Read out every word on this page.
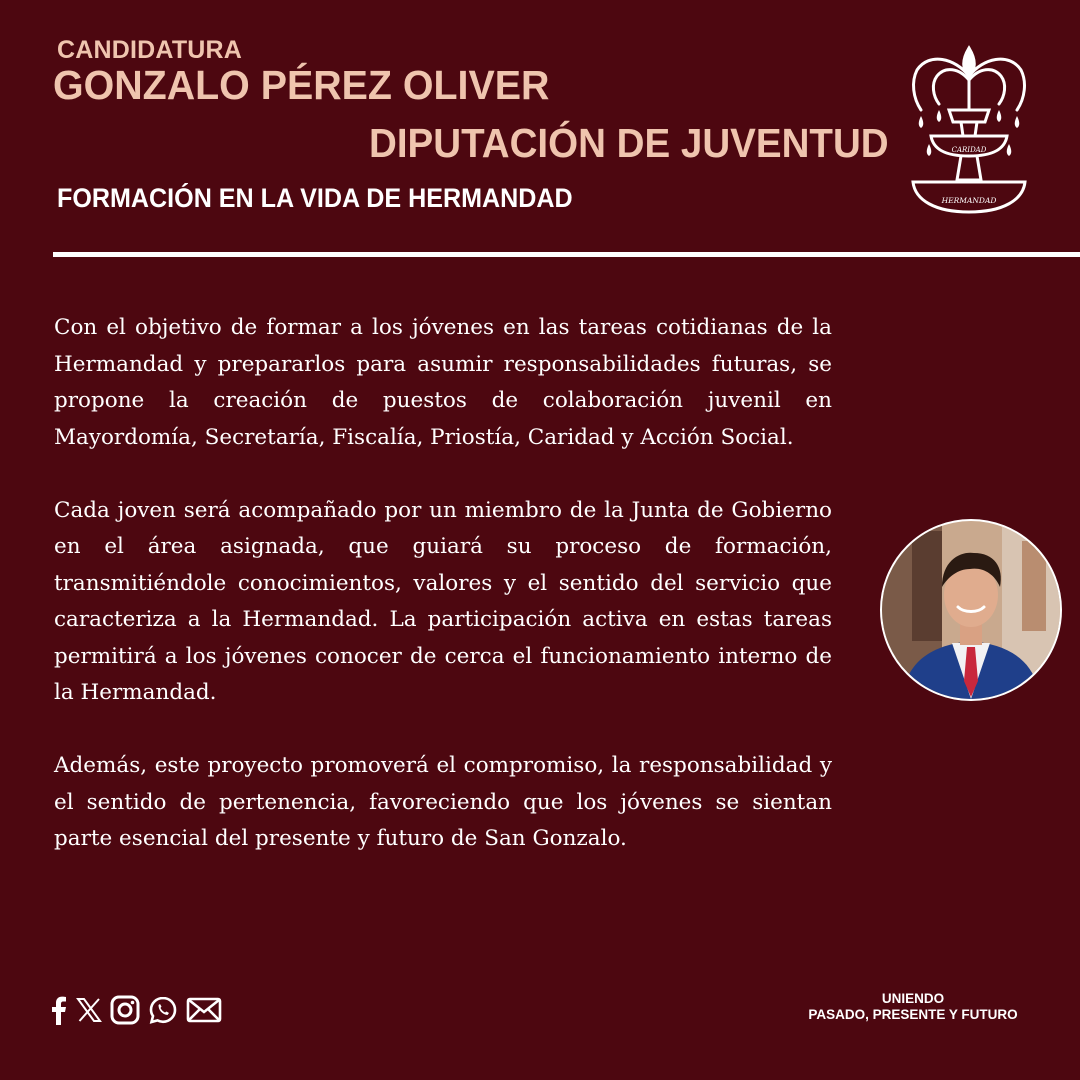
CANDIDATURA
GONZALO PÉREZ OLIVER
DIPUTACIÓN DE JUVENTUD
FORMACIÓN EN LA VIDA DE HERMANDAD
CARIDAD
HERMANDAD

Con el objetivo de formar a los jóvenes en las tareas cotidianas de la Hermandad y prepararlos para asumir responsabilidades futuras, se propone la creación de puestos de colaboración juvenil en Mayordomía, Secretaría, Fiscalía, Priostía, Caridad y Acción Social.

Cada joven será acompañado por un miembro de la Junta de Gobierno en el área asignada, que guiará su proceso de formación, transmitiéndole conocimientos, valores y el sentido del servicio que caracteriza a la Hermandad. La participación activa en estas tareas permitirá a los jóvenes conocer de cerca el funcionamiento interno de la Hermandad.

Además, este proyecto promoverá el compromiso, la responsabilidad y el sentido de pertenencia, favoreciendo que los jóvenes se sientan parte esencial del presente y futuro de San Gonzalo.

UNIENDO
PASADO, PRESENTE Y FUTURO
